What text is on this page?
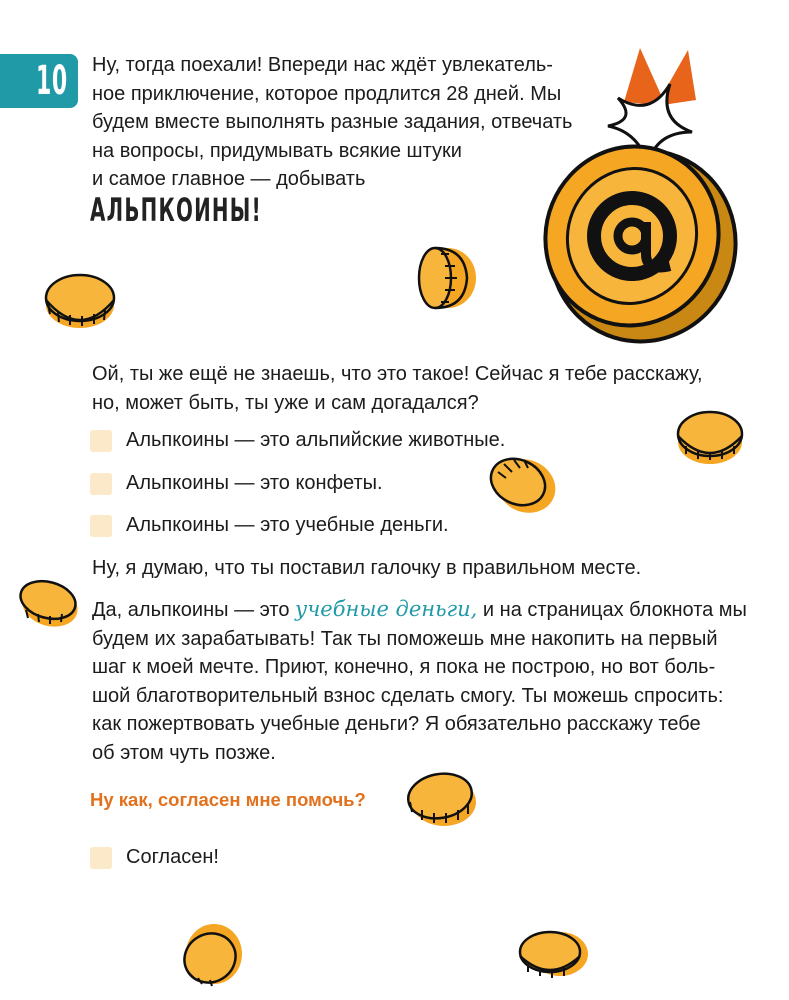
10 Ну, тогда поехали! Впереди нас ждёт увлекатель-
ное приключение, которое продлится 28 дней. Мы
будем вместе выполнять разные задания, отвечать
на вопросы, придумывать всякие штуки
и самое главное — добывать
АЛЬПКОИНЫ!
Ой, ты же ещё не знаешь, что это такое! Сейчас я тебе расскажу,
но, может быть, ты уже и сам догадался?
Альпкоины — это альпийские животные.
Альпкоины — это конфеты.
Альпкоины — это учебные деньги.
Ну, я думаю, что ты поставил галочку в правильном месте.
Да, альпкоины — это учебные деньги, и на страницах блокнота мы
будем их зарабатывать! Так ты поможешь мне накопить на первый
шаг к моей мечте. Приют, конечно, я пока не построю, но вот боль-
шой благотворительный взнос сделать смогу. Ты можешь спросить:
как пожертвовать учебные деньги? Я обязательно расскажу тебе
об этом чуть позже.
Ну как, согласен мне помочь?
Согласен!
